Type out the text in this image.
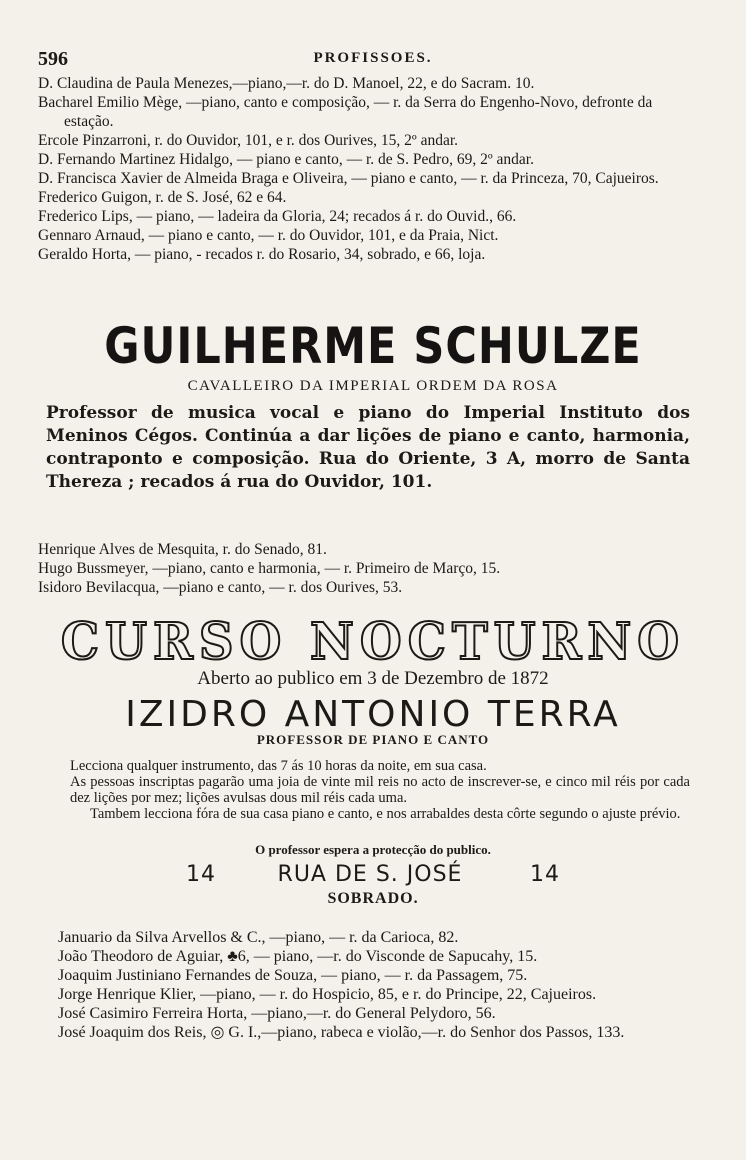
596	PROFISSOES.

D. Claudina de Paula Menezes,—piano,—r. do D. Manoel, 22, e do Sacram. 10.

Bacharel Emilio Mège, —piano, canto e composição, — r. da Serra do Engenho-Novo, defronte da estação.

Ercole Pinzarroni, r. do Ouvidor, 101, e r. dos Ourives, 15, 2º andar.

D. Fernando Martinez Hidalgo, — piano e canto, — r. de S. Pedro, 69, 2º andar.

D. Francisca Xavier de Almeida Braga e Oliveira, — piano e canto, — r. da Princeza, 70, Cajueiros.

Frederico Guigon, r. de S. José, 62 e 64.

Frederico Lips, — piano, — ladeira da Gloria, 24; recados á r. do Ouvid., 66.

Gennaro Arnaud, — piano e canto, — r. do Ouvidor, 101, e da Praia, Nict.

Geraldo Horta, — piano, - recados r. do Rosario, 34, sobrado, e 66, loja.

GUILHERME SCHULZE
CAVALLEIRO DA IMPERIAL ORDEM DA ROSA
Professor de musica vocal e piano do Imperial Instituto dos Meninos Cégos. Continúa a dar lições de piano e canto, harmonia, contraponto e composição. Rua do Oriente, 3 A, morro de Santa Thereza ; recados á rua do Ouvidor, 101.

Henrique Alves de Mesquita, r. do Senado, 81.

Hugo Bussmeyer, —piano, canto e harmonia, — r. Primeiro de Março, 15.

Isidoro Bevilacqua, —piano e canto, — r. dos Ourives, 53.

CURSO NOCTURNO
Aberto ao publico em 3 de Dezembro de 1872
IZIDRO ANTONIO TERRA
PROFESSOR DE PIANO E CANTO

Lecciona qualquer instrumento, das 7 ás 10 horas da noite, em sua casa.

As pessoas inscriptas pagarão uma joia de vinte mil reis no acto de inscrever-se, e cinco mil réis por cada dez lições por mez; lições avulsas dous mil réis cada uma.

Tambem lecciona fóra de sua casa piano e canto, e nos arrabaldes desta côrte segundo o ajuste prévio.

O professor espera a protecção do publico.
14	RUA DE S. JOSÉ	14
SOBRADO.

Januario da Silva Arvellos & C., —piano, — r. da Carioca, 82.

João Theodoro de Aguiar, ♣6, — piano, —r. do Visconde de Sapucahy, 15.

Joaquim Justiniano Fernandes de Souza, — piano, — r. da Passagem, 75.

Jorge Henrique Klier, —piano, — r. do Hospicio, 85, e r. do Principe, 22, Cajueiros.

José Casimiro Ferreira Horta, —piano,—r. do General Pelydoro, 56.

José Joaquim dos Reis, ◎ G. I.,—piano, rabeca e violão,—r. do Senhor dos Passos, 133.
